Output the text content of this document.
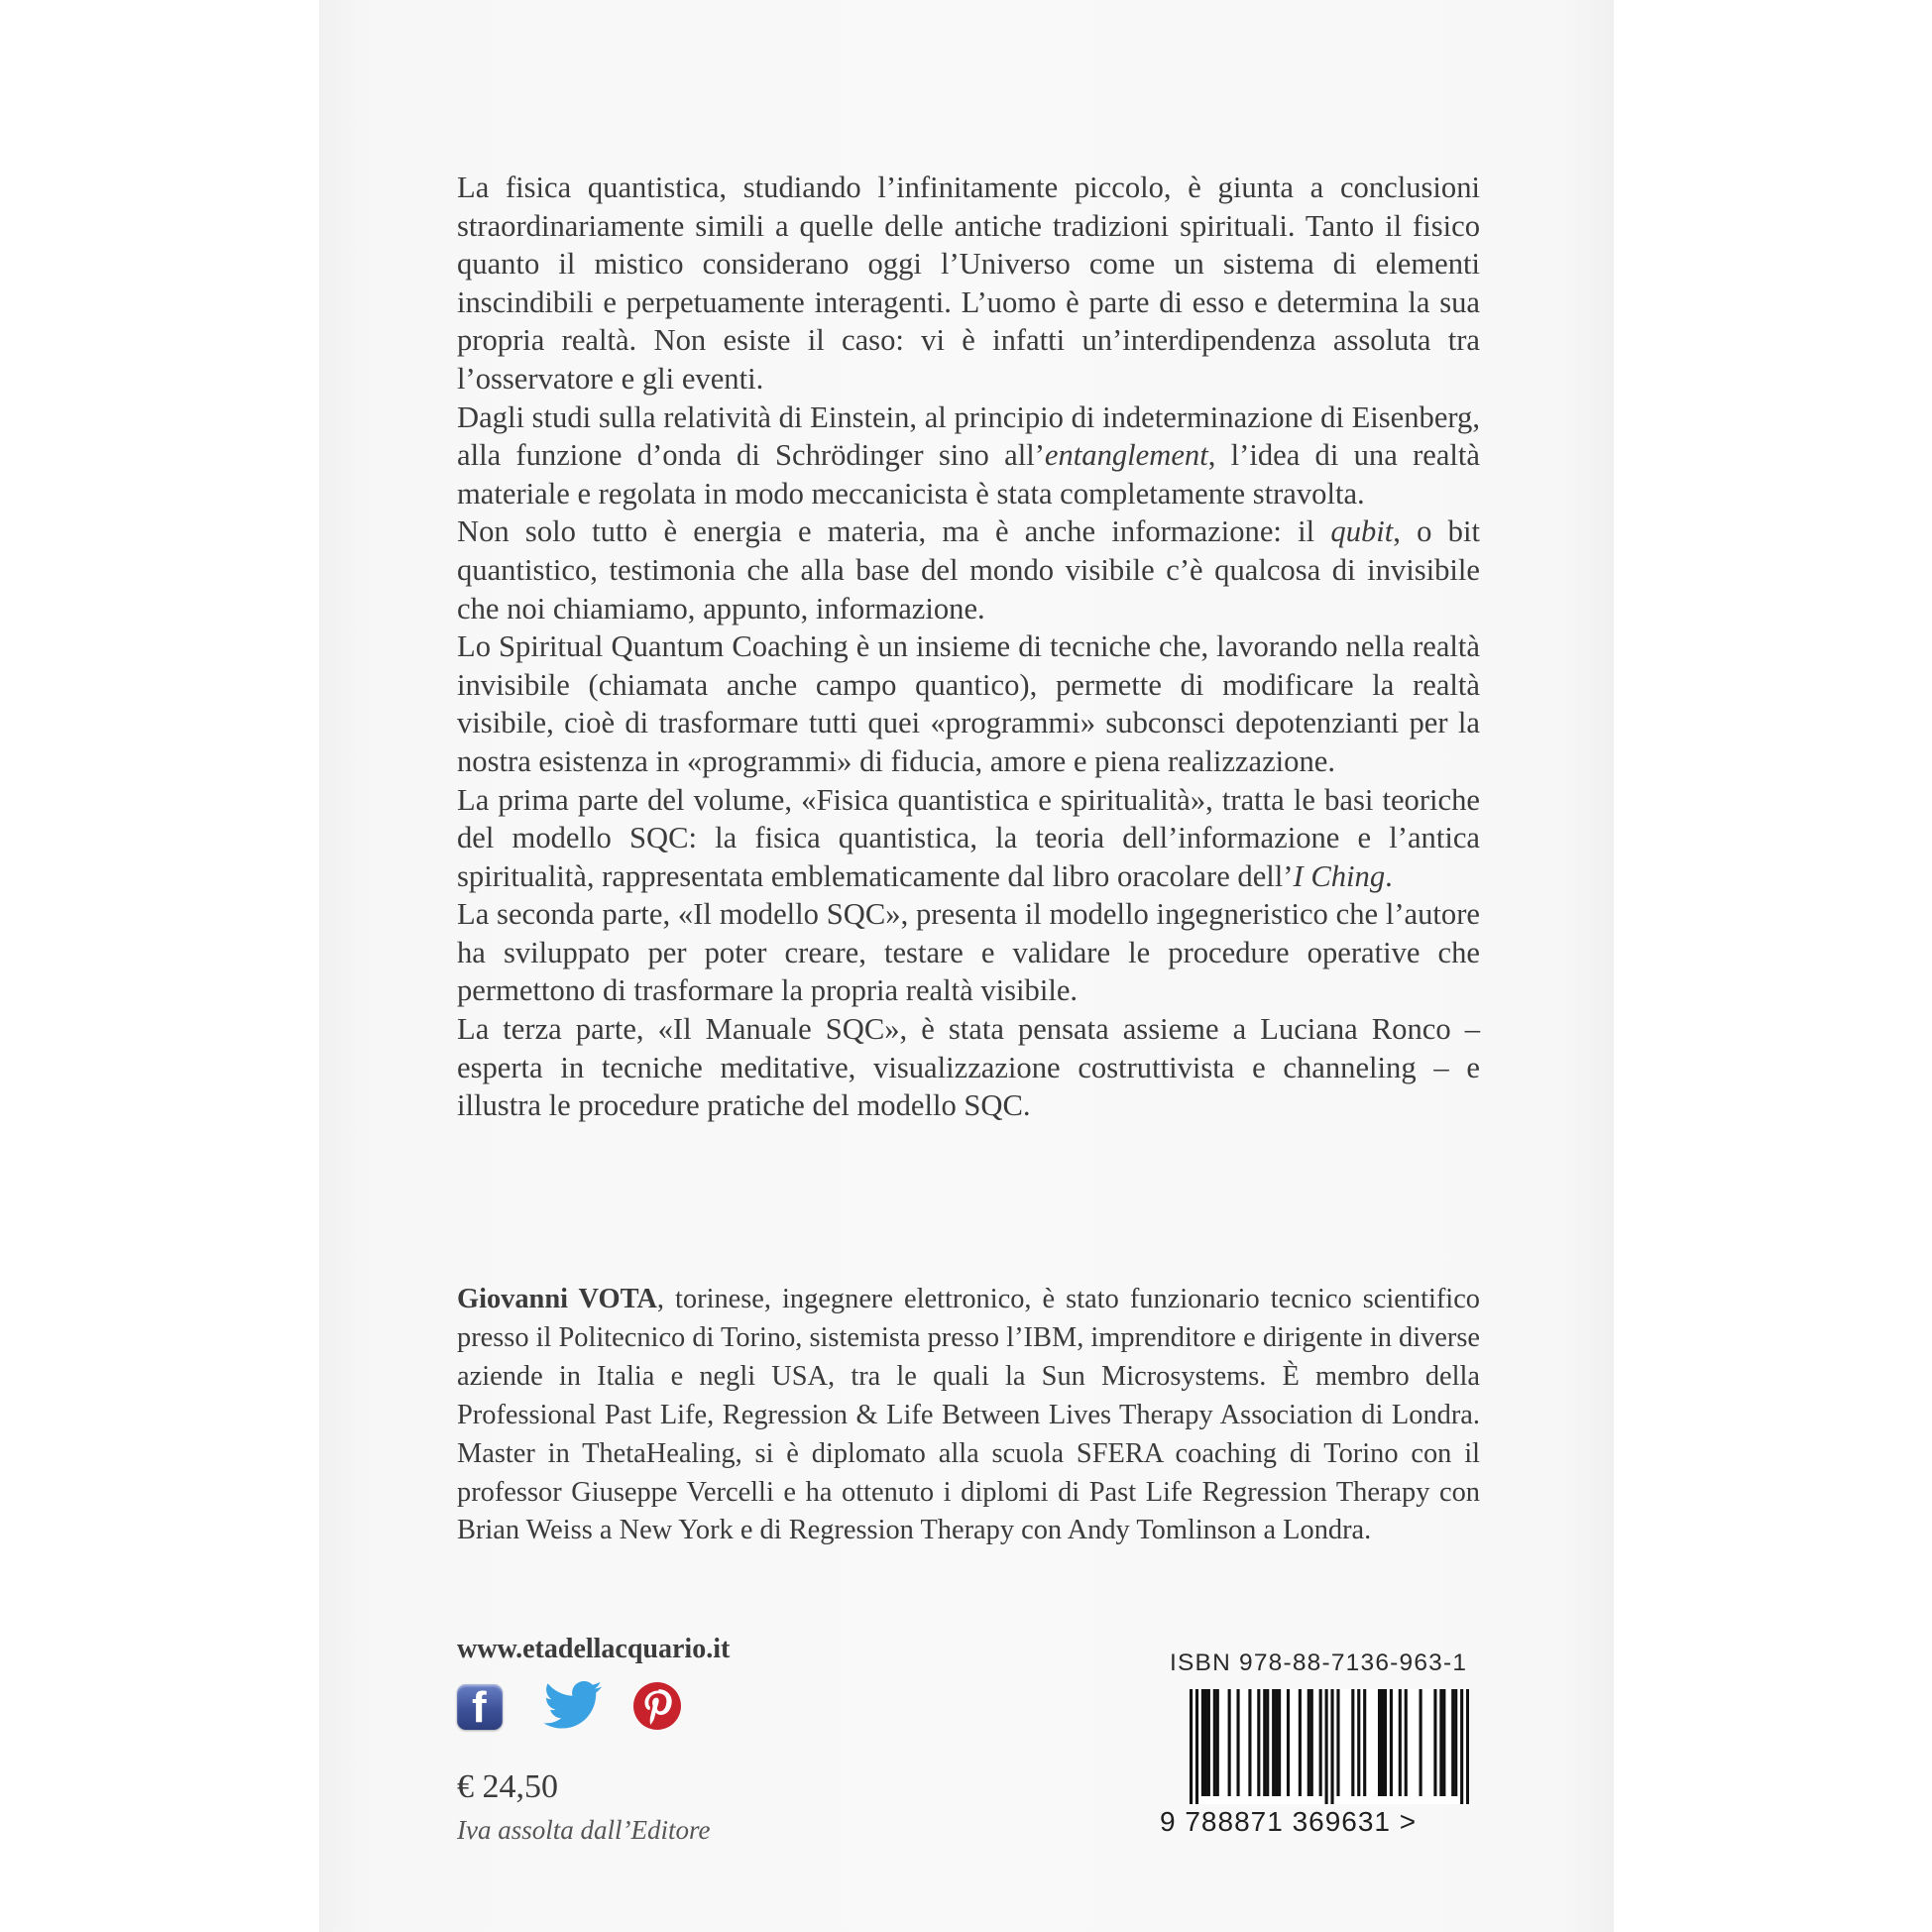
La fisica quantistica, studiando l’infinitamente piccolo, è giunta a conclusioni straordinariamente simili a quelle delle antiche tradizioni spirituali. Tanto il fisico quanto il mistico considerano oggi l’Universo come un sistema di elementi inscindibili e perpetuamente interagenti. L’uomo è parte di esso e determina la sua propria realtà. Non esiste il caso: vi è infatti un’interdipendenza assoluta tra l’osservatore e gli eventi.

Dagli studi sulla relatività di Einstein, al principio di indeterminazione di Eisenberg, alla funzione d’onda di Schrödinger sino all’entanglement, l’idea di una realtà materiale e regolata in modo meccanicista è stata completamente stravolta.

Non solo tutto è energia e materia, ma è anche informazione: il qubit, o bit quantistico, testimonia che alla base del mondo visibile c’è qualcosa di invisibile che noi chiamiamo, appunto, informazione.

Lo Spiritual Quantum Coaching è un insieme di tecniche che, lavorando nella realtà invisibile (chiamata anche campo quantico), permette di modificare la realtà visibile, cioè di trasformare tutti quei «programmi» subconsci depotenzianti per la nostra esistenza in «programmi» di fiducia, amore e piena realizzazione.

La prima parte del volume, «Fisica quantistica e spiritualità», tratta le basi teoriche del modello SQC: la fisica quantistica, la teoria dell’informazione e l’antica spiritualità, rappresentata emblematicamente dal libro oracolare dell’I Ching.

La seconda parte, «Il modello SQC», presenta il modello ingegneristico che l’autore ha sviluppato per poter creare, testare e validare le procedure operative che permettono di trasformare la propria realtà visibile.

La terza parte, «Il Manuale SQC», è stata pensata assieme a Luciana Ronco – esperta in tecniche meditative, visualizzazione costruttivista e channeling – e illustra le procedure pratiche del modello SQC.

Giovanni VOTA, torinese, ingegnere elettronico, è stato funzionario tecnico scientifico presso il Politecnico di Torino, sistemista presso l’IBM, imprenditore e dirigente in diverse aziende in Italia e negli USA, tra le quali la Sun Microsystems. È membro della Professional Past Life, Regression & Life Between Lives Therapy Association di Londra. Master in ThetaHealing, si è diplomato alla scuola SFERA coaching di Torino con il professor Giuseppe Vercelli e ha ottenuto i diplomi di Past Life Regression Therapy con Brian Weiss a New York e di Regression Therapy con Andy Tomlinson a Londra.
www.etadellacquario.it
f
€ 24,50
Iva assolta dall’Editore
ISBN 978-88-7136-963-1
9 788871 369631 >
